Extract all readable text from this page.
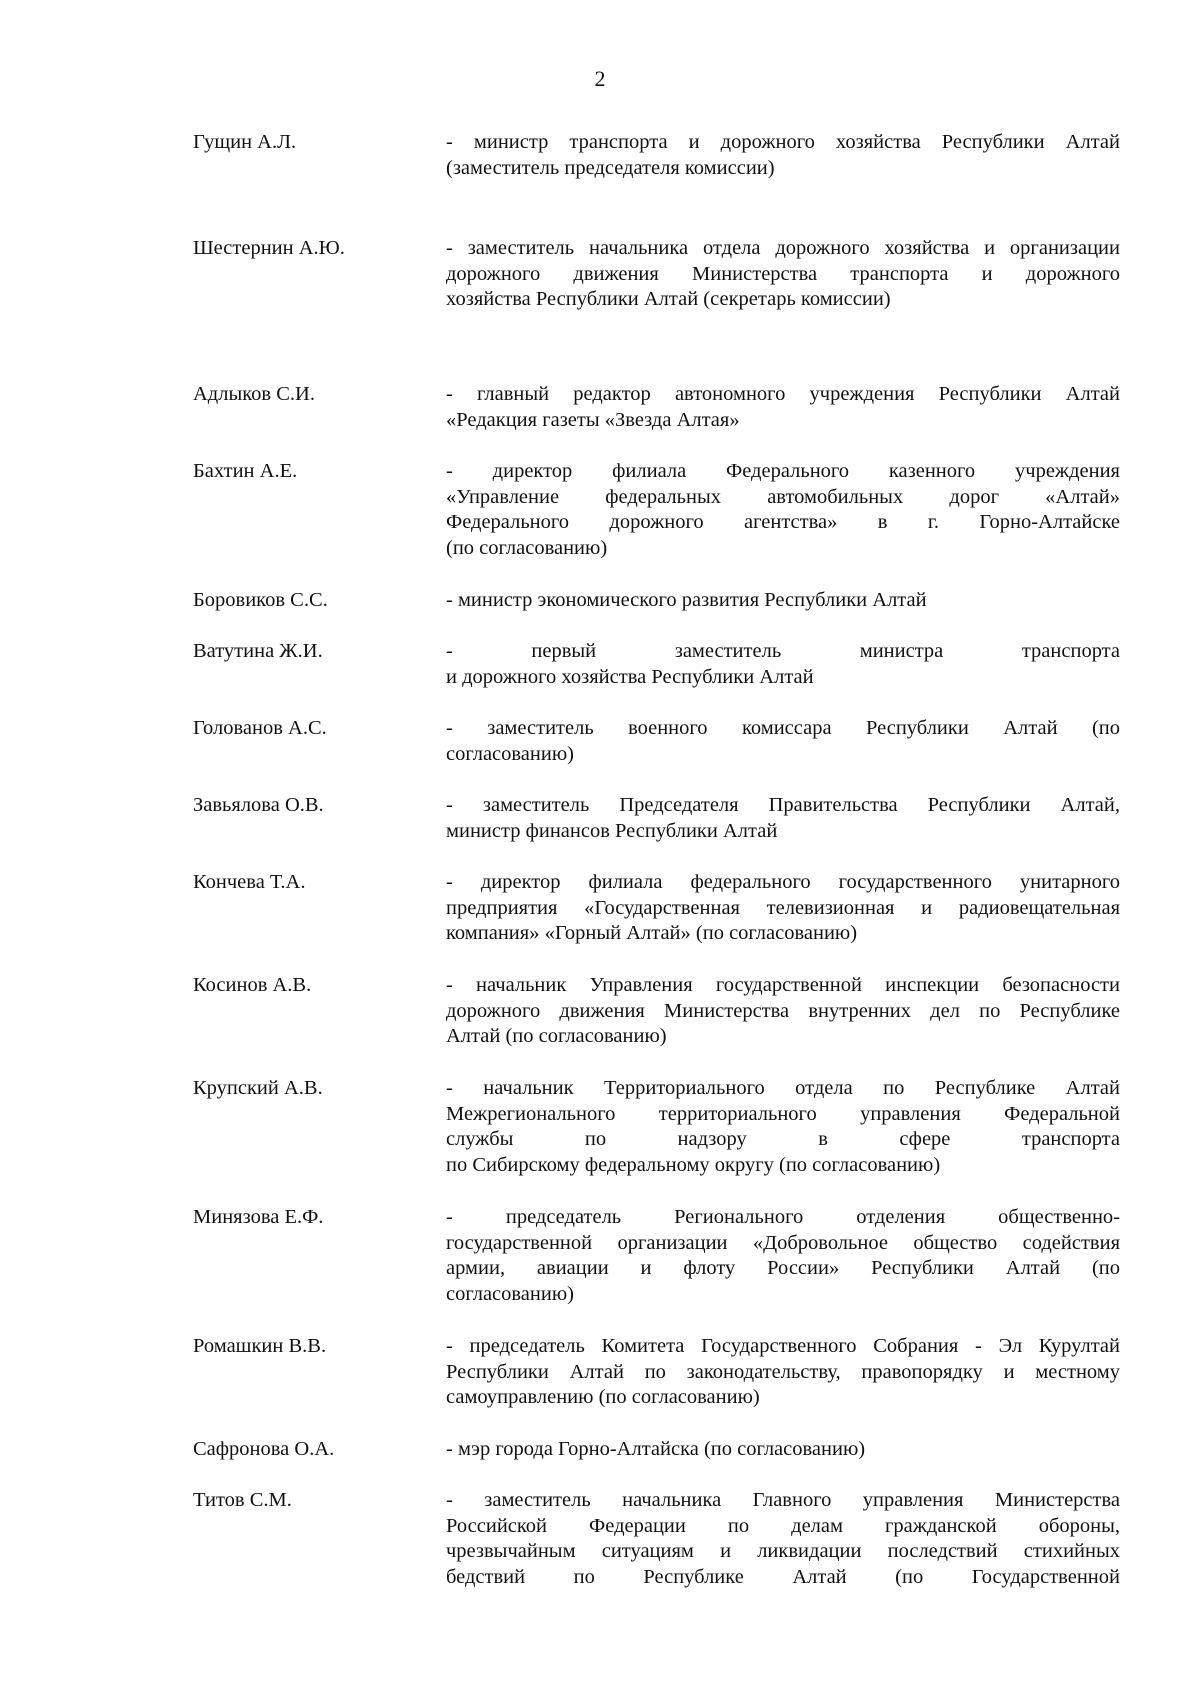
2
Гущин А.Л.	- министр транспорта и дорожного хозяйства Республики Алтай
(заместитель председателя комиссии)
Шестернин А.Ю.	- заместитель начальника отдела дорожного хозяйства и организации
дорожного движения Министерства транспорта и дорожного
хозяйства Республики Алтай (секретарь комиссии)
Адлыков С.И.	- главный редактор автономного учреждения Республики Алтай
«Редакция газеты «Звезда Алтая»
Бахтин А.Е.	- директор филиала Федерального казенного учреждения
«Управление федеральных автомобильных дорог «Алтай»
Федерального дорожного агентства» в г. Горно-Алтайске
(по согласованию)
Боровиков С.С.	- министр экономического развития Республики Алтай
Ватутина Ж.И.	- первый заместитель министра транспорта
и дорожного хозяйства Республики Алтай
Голованов А.С.	- заместитель военного комиссара Республики Алтай (по
согласованию)
Завьялова О.В.	- заместитель Председателя Правительства Республики Алтай,
министр финансов Республики Алтай
Кончева Т.А.	- директор филиала федерального государственного унитарного
предприятия «Государственная телевизионная и радиовещательная
компания» «Горный Алтай» (по согласованию)
Косинов А.В.	- начальник Управления государственной инспекции безопасности
дорожного движения Министерства внутренних дел по Республике
Алтай (по согласованию)
Крупский А.В.	- начальник Территориального отдела по Республике Алтай
Межрегионального территориального управления Федеральной
службы по надзору в сфере транспорта
по Сибирскому федеральному округу (по согласованию)
Минязова Е.Ф.	- председатель Регионального отделения общественно-
государственной организации «Добровольное общество содействия
армии, авиации и флоту России» Республики Алтай (по
согласованию)
Ромашкин В.В.	- председатель Комитета Государственного Собрания - Эл Курултай
Республики Алтай по законодательству, правопорядку и местному
самоуправлению (по согласованию)
Сафронова О.А.	- мэр города Горно-Алтайска (по согласованию)
Титов С.М.	- заместитель начальника Главного управления Министерства
Российской Федерации по делам гражданской обороны,
чрезвычайным ситуациям и ликвидации последствий стихийных
бедствий по Республике Алтай (по Государственной
